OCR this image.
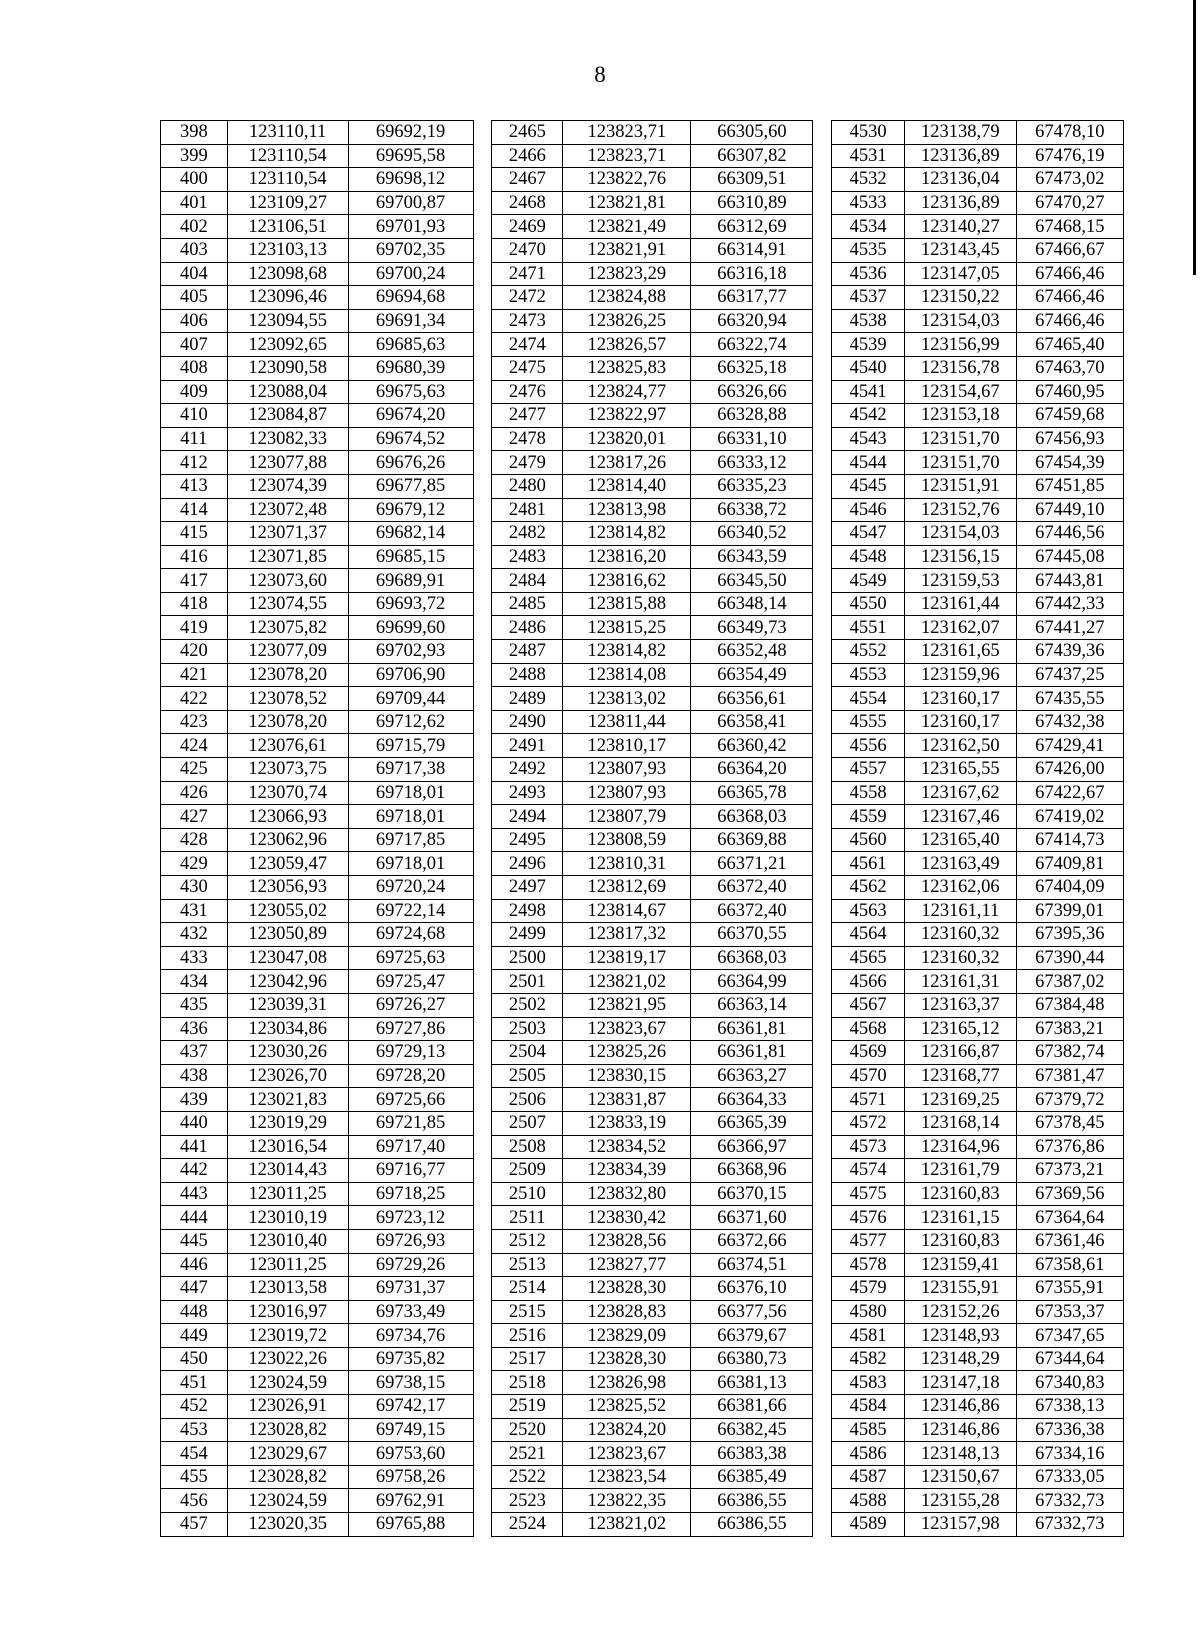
8
398	123110,11	69692,19		2465	123823,71	66305,60		4530	123138,79	67478,10
399	123110,54	69695,58		2466	123823,71	66307,82		4531	123136,89	67476,19
400	123110,54	69698,12		2467	123822,76	66309,51		4532	123136,04	67473,02
401	123109,27	69700,87		2468	123821,81	66310,89		4533	123136,89	67470,27
402	123106,51	69701,93		2469	123821,49	66312,69		4534	123140,27	67468,15
403	123103,13	69702,35		2470	123821,91	66314,91		4535	123143,45	67466,67
404	123098,68	69700,24		2471	123823,29	66316,18		4536	123147,05	67466,46
405	123096,46	69694,68		2472	123824,88	66317,77		4537	123150,22	67466,46
406	123094,55	69691,34		2473	123826,25	66320,94		4538	123154,03	67466,46
407	123092,65	69685,63		2474	123826,57	66322,74		4539	123156,99	67465,40
408	123090,58	69680,39		2475	123825,83	66325,18		4540	123156,78	67463,70
409	123088,04	69675,63		2476	123824,77	66326,66		4541	123154,67	67460,95
410	123084,87	69674,20		2477	123822,97	66328,88		4542	123153,18	67459,68
411	123082,33	69674,52		2478	123820,01	66331,10		4543	123151,70	67456,93
412	123077,88	69676,26		2479	123817,26	66333,12		4544	123151,70	67454,39
413	123074,39	69677,85		2480	123814,40	66335,23		4545	123151,91	67451,85
414	123072,48	69679,12		2481	123813,98	66338,72		4546	123152,76	67449,10
415	123071,37	69682,14		2482	123814,82	66340,52		4547	123154,03	67446,56
416	123071,85	69685,15		2483	123816,20	66343,59		4548	123156,15	67445,08
417	123073,60	69689,91		2484	123816,62	66345,50		4549	123159,53	67443,81
418	123074,55	69693,72		2485	123815,88	66348,14		4550	123161,44	67442,33
419	123075,82	69699,60		2486	123815,25	66349,73		4551	123162,07	67441,27
420	123077,09	69702,93		2487	123814,82	66352,48		4552	123161,65	67439,36
421	123078,20	69706,90		2488	123814,08	66354,49		4553	123159,96	67437,25
422	123078,52	69709,44		2489	123813,02	66356,61		4554	123160,17	67435,55
423	123078,20	69712,62		2490	123811,44	66358,41		4555	123160,17	67432,38
424	123076,61	69715,79		2491	123810,17	66360,42		4556	123162,50	67429,41
425	123073,75	69717,38		2492	123807,93	66364,20		4557	123165,55	67426,00
426	123070,74	69718,01		2493	123807,93	66365,78		4558	123167,62	67422,67
427	123066,93	69718,01		2494	123807,79	66368,03		4559	123167,46	67419,02
428	123062,96	69717,85		2495	123808,59	66369,88		4560	123165,40	67414,73
429	123059,47	69718,01		2496	123810,31	66371,21		4561	123163,49	67409,81
430	123056,93	69720,24		2497	123812,69	66372,40		4562	123162,06	67404,09
431	123055,02	69722,14		2498	123814,67	66372,40		4563	123161,11	67399,01
432	123050,89	69724,68		2499	123817,32	66370,55		4564	123160,32	67395,36
433	123047,08	69725,63		2500	123819,17	66368,03		4565	123160,32	67390,44
434	123042,96	69725,47		2501	123821,02	66364,99		4566	123161,31	67387,02
435	123039,31	69726,27		2502	123821,95	66363,14		4567	123163,37	67384,48
436	123034,86	69727,86		2503	123823,67	66361,81		4568	123165,12	67383,21
437	123030,26	69729,13		2504	123825,26	66361,81		4569	123166,87	67382,74
438	123026,70	69728,20		2505	123830,15	66363,27		4570	123168,77	67381,47
439	123021,83	69725,66		2506	123831,87	66364,33		4571	123169,25	67379,72
440	123019,29	69721,85		2507	123833,19	66365,39		4572	123168,14	67378,45
441	123016,54	69717,40		2508	123834,52	66366,97		4573	123164,96	67376,86
442	123014,43	69716,77		2509	123834,39	66368,96		4574	123161,79	67373,21
443	123011,25	69718,25		2510	123832,80	66370,15		4575	123160,83	67369,56
444	123010,19	69723,12		2511	123830,42	66371,60		4576	123161,15	67364,64
445	123010,40	69726,93		2512	123828,56	66372,66		4577	123160,83	67361,46
446	123011,25	69729,26		2513	123827,77	66374,51		4578	123159,41	67358,61
447	123013,58	69731,37		2514	123828,30	66376,10		4579	123155,91	67355,91
448	123016,97	69733,49		2515	123828,83	66377,56		4580	123152,26	67353,37
449	123019,72	69734,76		2516	123829,09	66379,67		4581	123148,93	67347,65
450	123022,26	69735,82		2517	123828,30	66380,73		4582	123148,29	67344,64
451	123024,59	69738,15		2518	123826,98	66381,13		4583	123147,18	67340,83
452	123026,91	69742,17		2519	123825,52	66381,66		4584	123146,86	67338,13
453	123028,82	69749,15		2520	123824,20	66382,45		4585	123146,86	67336,38
454	123029,67	69753,60		2521	123823,67	66383,38		4586	123148,13	67334,16
455	123028,82	69758,26		2522	123823,54	66385,49		4587	123150,67	67333,05
456	123024,59	69762,91		2523	123822,35	66386,55		4588	123155,28	67332,73
457	123020,35	69765,88		2524	123821,02	66386,55		4589	123157,98	67332,73
